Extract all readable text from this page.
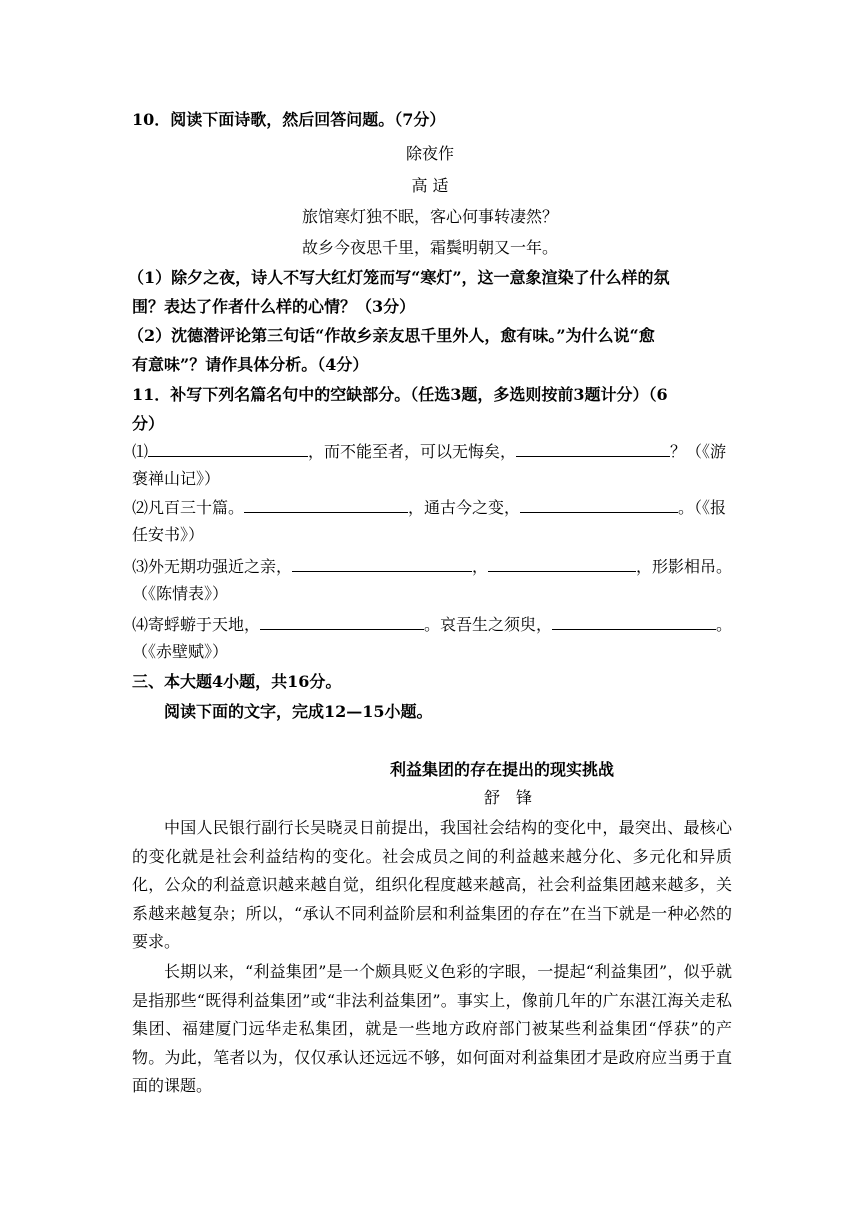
10．阅读下面诗歌，然后回答问题。（7分）
除夜作
高 适
旅馆寒灯独不眠，客心何事转凄然？
故乡今夜思千里，霜鬓明朝又一年。
（1）除夕之夜，诗人不写大红灯笼而写“寒灯”，这一意象渲染了什么样的氛
围？表达了作者什么样的心情？（3分）
（2）沈德潜评论第三句话“作故乡亲友思千里外人，愈有味。”为什么说“愈
有意味”？请作具体分析。（4分）
11．补写下列名篇名句中的空缺部分。（任选3题，多选则按前3题计分）（6
分）
⑴	，而不能至者，可以无悔矣，	？（《游
褒禅山记》）
⑵凡百三十篇。	，通古今之变，	。（《报
任安书》）
⑶外无期功强近之亲，	，	，形影相吊。
（《陈情表》）
⑷寄蜉蝣于天地，	。哀吾生之须臾，	。
（《赤壁赋》）
三、本大题4小题，共16分。
阅读下面的文字，完成12—15小题。
利益集团的存在提出的现实挑战
舒　锋
中国人民银行副行长吴晓灵日前提出，我国社会结构的变化中，最突出、最核心的变化就是社会利益结构的变化。社会成员之间的利益越来越分化、多元化和异质化，公众的利益意识越来越自觉，组织化程度越来越高，社会利益集团越来越多，关系越来越复杂；所以，“承认不同利益阶层和利益集团的存在”在当下就是一种必然的要求。
长期以来，“利益集团”是一个颇具贬义色彩的字眼，一提起“利益集团”，似乎就是指那些“既得利益集团”或“非法利益集团”。事实上，像前几年的广东湛江海关走私集团、福建厦门远华走私集团，就是一些地方政府部门被某些利益集团“俘获”的产物。为此，笔者以为，仅仅承认还远远不够，如何面对利益集团才是政府应当勇于直面的课题。
